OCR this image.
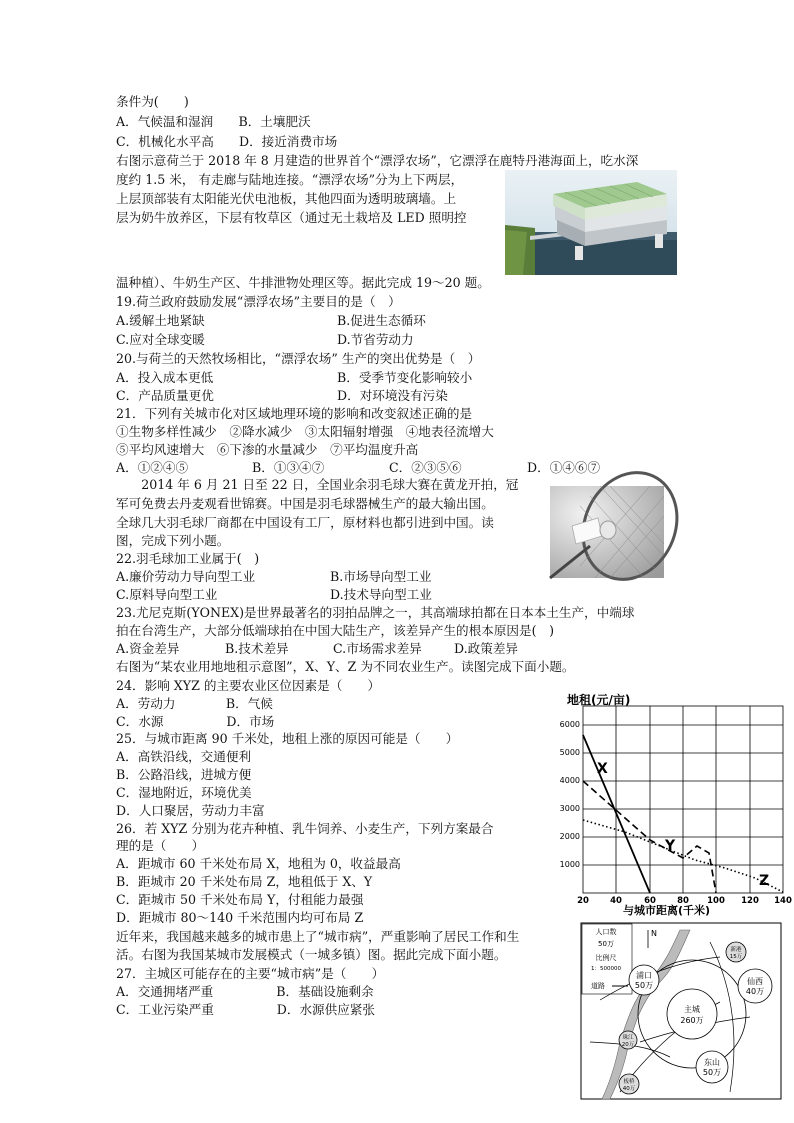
条件为(　　)
A．气候温和湿润　　B．土壤肥沃
C．机械化水平高　　D．接近消费市场
右图示意荷兰于 2018 年 8 月建造的世界首个“漂浮农场”，它漂浮在鹿特丹港海面上，吃水深
度约 1.5 米， 有走廊与陆地连接。“漂浮农场”分为上下两层，
上层顶部装有太阳能光伏电池板，其他四面为透明玻璃墙。上
层为奶牛放养区，下层有牧草区（通过无土栽培及 LED 照明控
温种植）、牛奶生产区、牛排泄物处理区等。据此完成 19～20 题。
19.荷兰政府鼓励发展“漂浮农场”主要目的是（　）
A.缓解土地紧缺	B.促进生态循环
C.应对全球变暖	D.节省劳动力
20.与荷兰的天然牧场相比，“漂浮农场” 生产的突出优势是（　）
A．投入成本更低	B．受季节变化影响较小
C．产品质量更优	D．对环境没有污染
21．下列有关城市化对区域地理环境的影响和改变叙述正确的是
①生物多样性减少　②降水减少　③太阳辐射增强　④地表径流增大
⑤平均风速增大　⑥下渗的水量减少　⑦平均温度升高
A．①②④⑤	B．①③④⑦	C．②③⑤⑥	D．①④⑥⑦
　　2014 年 6 月 21 日至 22 日，全国业余羽毛球大赛在黄龙开拍，冠
军可免费去丹麦观看世锦赛。中国是羽毛球器械生产的最大输出国。
全球几大羽毛球厂商都在中国设有工厂，原材料也都引进到中国。读
图，完成下列小题。
22.羽毛球加工业属于(　)
A.廉价劳动力导向型工业	B.市场导向型工业
C.原料导向型工业	D.技术导向型工业
23.尤尼克斯(YONEX)是世界最著名的羽拍品牌之一，其高端球拍都在日本本土生产，中端球
拍在台湾生产，大部分低端球拍在中国大陆生产，该差异产生的根本原因是(　)
A.资金差异	B.技术差异	C.市场需求差异	D.政策差异
右图为“某农业用地地租示意图”，X、Y、Z 为不同农业生产。读图完成下面小题。
24．影响 XYZ 的主要农业区位因素是（　　）
A．劳动力　　　　B．气候
C．水源　　　　　D．市场
25．与城市距离 90 千米处，地租上涨的原因可能是（　　）
A．高铁沿线，交通便利
B．公路沿线，进城方便
C．湿地附近，环境优美
D．人口聚居，劳动力丰富
26．若 XYZ 分别为花卉种植、乳牛饲养、小麦生产，下列方案最合
理的是（　　）
A．距城市 60 千米处布局 X，地租为 0，收益最高
B．距城市 20 千米处布局 Z，地租低于 X、Y
C．距城市 50 千米处布局 Y，付租能力最强
D．距城市 80～140 千米范围内均可布局 Z
近年来，我国越来越多的城市患上了“城市病”，严重影响了居民工作和生
活。右图为我国某城市发展模式（一城多镇）图。据此完成下面小题。
27．主城区可能存在的主要“城市病”是（　　）
A．交通拥堵严重　　　　　B．基础设施剩余
C．工业污染严重　　　　　D．水源供应紧张
地租(元/亩)
6000
5000
4000
3000
2000
1000
20 40	60 80 100 120 140
与城市距离(千米)
X
Y
Z
人口数
50万
比例尺
1：500000
道路
N
浦口
50万
主城
260万
仙西
40万
东山
50万
新港
15万
珠江
20万
板桥
40万
